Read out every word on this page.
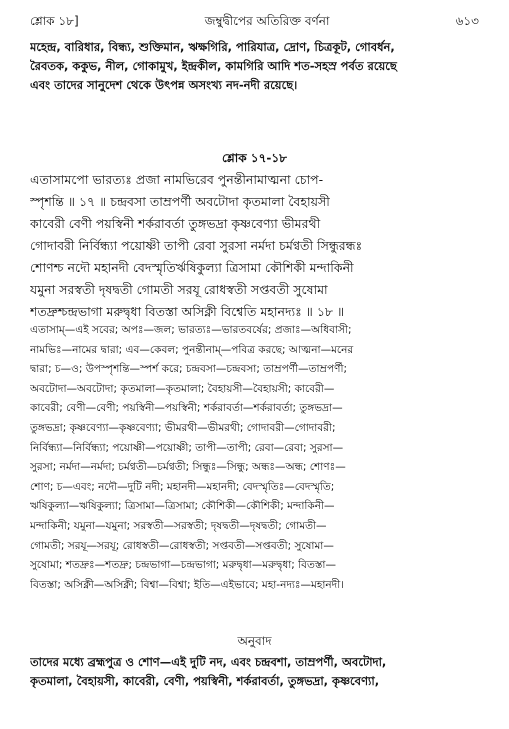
শ্লোক ১৮]	জম্বুদ্বীপের অতিরিক্ত বর্ণনা	৬১৩
মহেন্দ্র, বারিধার, বিন্ধ্য, শুক্তিমান, ঋক্ষগিরি, পারিযাত্র, দ্রোণ, চিত্রকূট, গোবর্ধন,
রৈবতক, ককুভ, নীল, গোকামুখ, ইন্দ্রকীল, কামগিরি আদি শত-সহস্র পর্বত রয়েছে
এবং তাদের সানুদেশ থেকে উৎপন্ন অসংখ্য নদ-নদী রয়েছে।
শ্লোক ১৭-১৮
এতাসামপো ভারত্যঃ প্রজা নামভিরেব পুনন্তীনামাত্মনা চোপ-
স্পৃশন্তি ॥ ১৭ ॥ চন্দ্রবসা তাম্রপর্ণী অবটোদা কৃতমালা বৈহায়সী
কাবেরী বেণী পয়স্বিনী শর্করাবর্তা তুঙ্গভদ্রা কৃষ্ণবেণ্যা ভীমরথী
গোদাবরী নির্বিন্ধ্যা পয়োষ্ণী তাপী রেবা সুরসা নর্মদা চর্মণ্বতী সিন্ধুরন্ধঃ
শোণশ্চ নদৌ মহানদী বেদস্মৃতির্ঋষিকুল্যা ত্রিসামা কৌশিকী মন্দাকিনী
যমুনা সরস্বতী দৃষদ্বতী গোমতী সরযূ রোধস্বতী সপ্তবতী সুষোমা
শতদ্রুশ্চন্দ্রভাগা মরুদ্বৃধা বিতস্তা অসিক্নী বিশ্বেতি মহানদ্যঃ ॥ ১৮ ॥
এতাসাম্—এই সবের; অপঃ—জল; ভারত্যঃ—ভারতবর্ষের; প্রজাঃ—অধিবাসী;
নামভিঃ—নামের দ্বারা; এব—কেবল; পুনন্তীনাম্—পবিত্র করছে; আত্মনা—মনের
দ্বারা; চ—ও; উপস্পৃশন্তি—স্পর্শ করে; চন্দ্রবসা—চন্দ্রবসা; তাম্রপর্ণী—তাম্রপর্ণী;
অবটোদা—অবটোদা; কৃতমালা—কৃতমালা; বৈহায়সী—বৈহায়সী; কাবেরী—
কাবেরী; বেণী—বেণী; পয়স্বিনী—পয়স্বিনী; শর্করাবর্তা—শর্করাবর্তা; তুঙ্গভদ্রা—
তুঙ্গভদ্রা; কৃষ্ণবেণ্যা—কৃষ্ণবেণ্যা; ভীমরথী—ভীমরথী; গোদাবরী—গোদাবরী;
নির্বিন্ধ্যা—নির্বিন্ধ্যা; পয়োষ্ণী—পয়োষ্ণী; তাপী—তাপী; রেবা—রেবা; সুরসা—
সুরসা; নর্মদা—নর্মদা; চর্মণ্বতী—চর্মণ্বতী; সিন্ধুঃ—সিন্ধু; অন্ধঃ—অন্ধ; শোণঃ—
শোণ; চ—এবং; নদৌ—দুটি নদী; মহানদী—মহানদী; বেদস্মৃতিঃ—বেদস্মৃতি;
ঋষিকুল্যা—ঋষিকুল্যা; ত্রিসামা—ত্রিসামা; কৌশিকী—কৌশিকী; মন্দাকিনী—
মন্দাকিনী; যমুনা—যমুনা; সরস্বতী—সরস্বতী; দৃষদ্বতী—দৃষদ্বতী; গোমতী—
গোমতী; সরযূ—সরযূ; রোধস্বতী—রোধস্বতী; সপ্তবতী—সপ্তবতী; সুষোমা—
সুষোমা; শতদ্রুঃ—শতদ্রু; চন্দ্রভাগা—চন্দ্রভাগা; মরুদ্বৃধা—মরুদ্বৃধা; বিতস্তা—
বিতস্তা; অসিক্নী—অসিক্নী; বিশ্বা—বিশ্বা; ইতি—এইভাবে; মহা-নদ্যঃ—মহানদী।
অনুবাদ
তাদের মধ্যে ব্রহ্মপুত্র ও শোণ—এই দুটি নদ, এবং চন্দ্রবশা, তাম্রপর্ণী, অবটোদা,
কৃতমালা, বৈহায়সী, কাবেরী, বেণী, পয়স্বিনী, শর্করাবর্তা, তুঙ্গভদ্রা, কৃষ্ণবেণ্যা,
